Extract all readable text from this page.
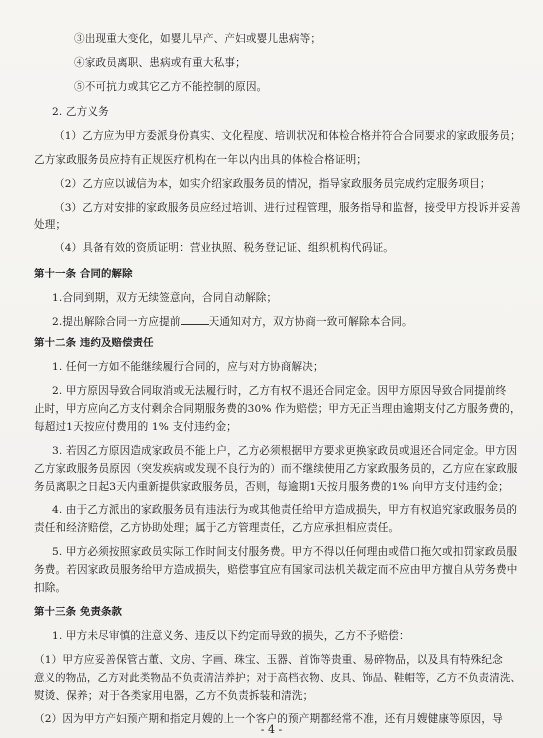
③出现重大变化，如婴儿早产、产妇或婴儿患病等；
④家政员离职、患病或有重大私事；
⑤不可抗力或其它乙方不能控制的原因。
2. 乙方义务
（1）乙方应为甲方委派身份真实、文化程度、培训状况和体检合格并符合合同要求的家政服务员；
乙方家政服务员应持有正规医疗机构在一年以内出具的体检合格证明；
（2）乙方应以诚信为本，如实介绍家政服务员的情况，指导家政服务员完成约定服务项目；
（3）乙方对安排的家政服务员应经过培训、进行过程管理，服务指导和监督，接受甲方投诉并妥善
处理；
（4）具备有效的资质证明：营业执照、税务登记证、组织机构代码证。
第十一条 合同的解除
1.合同到期，双方无续签意向，合同自动解除；
2.提出解除合同一方应提前	天通知对方，双方协商一致可解除本合同。
第十二条 违约及赔偿责任
1. 任何一方如不能继续履行合同的，应与对方协商解决；
2. 甲方原因导致合同取消或无法履行时，乙方有权不退还合同定金。因甲方原因导致合同提前终
止时，甲方应向乙方支付剩余合同期服务费的30% 作为赔偿；甲方无正当理由逾期支付乙方服务费的，
每超过1天按应付费用的 1% 支付违约金；
3. 若因乙方原因造成家政员不能上户，乙方必须根据甲方要求更换家政员或退还合同定金。甲方因
乙方家政服务员原因（突发疾病或发现不良行为的）而不继续使用乙方家政服务员的，乙方应在家政服
务员离职之日起3天内重新提供家政服务员，否则，每逾期1天按月服务费的1% 向甲方支付违约金；
4. 由于乙方派出的家政服务员有违法行为或其他责任给甲方造成损失，甲方有权追究家政服务员的
责任和经济赔偿，乙方协助处理；属于乙方管理责任，乙方应承担相应责任。
5. 甲方必须按照家政员实际工作时间支付服务费。甲方不得以任何理由或借口拖欠或扣罚家政员服
务费。若因家政员服务给甲方造成损失，赔偿事宜应有国家司法机关裁定而不应由甲方擅自从劳务费中
扣除。
第十三条 免责条款
1. 甲方未尽审慎的注意义务、违反以下约定而导致的损失，乙方不予赔偿：
（1）甲方应妥善保管古董、文房、字画、珠宝、玉器、首饰等贵重、易碎物品，以及具有特殊纪念
意义的物品，乙方对此类物品不负责清洁养护；对于高档衣物、皮具、饰品、鞋帽等，乙方不负责清洗、
熨烫、保养；对于各类家用电器，乙方不负责拆装和清洗；
（2）因为甲方产妇预产期和指定月嫂的上一个客户的预产期都经常不准，还有月嫂健康等原因，导
- 4 -
